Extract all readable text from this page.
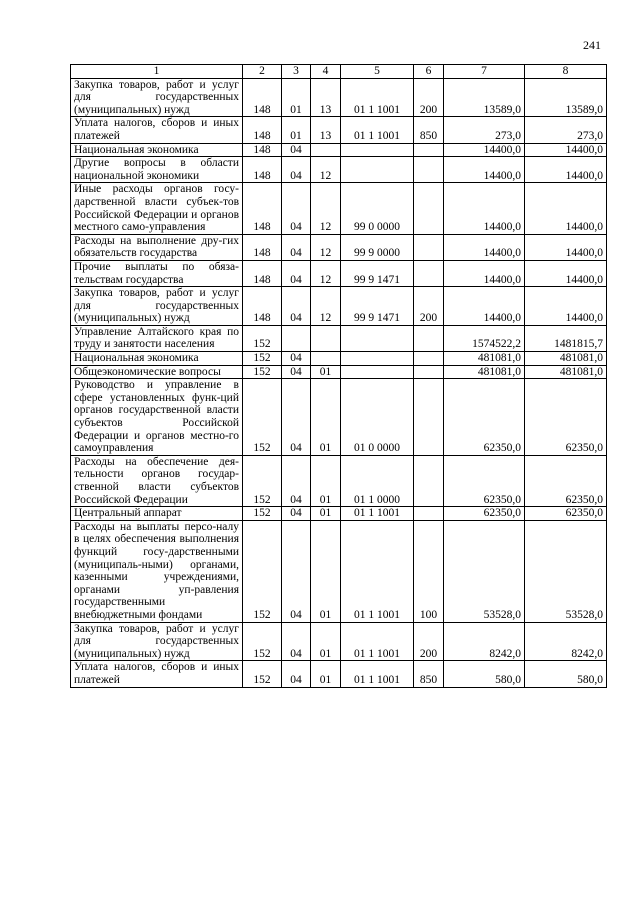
241
1	2	3	4	5	6	7	8
Закупка товаров, работ и услуг для государственных (муниципальных) нужд	148	01	13	01 1 1001	200	13589,0	13589,0
Уплата налогов, сборов и иных платежей	148	01	13	01 1 1001	850	273,0	273,0
Национальная экономика	148	04				14400,0	14400,0
Другие вопросы в области национальной экономики	148	04	12			14400,0	14400,0
Иные расходы органов госу-дарственной власти субъек-тов Российской Федерации и органов местного само-управления	148	04	12	99 0 0000		14400,0	14400,0
Расходы на выполнение дру-гих обязательств государства	148	04	12	99 9 0000		14400,0	14400,0
Прочие выплаты по обяза-тельствам государства	148	04	12	99 9 1471		14400,0	14400,0
Закупка товаров, работ и услуг для государственных (муниципальных) нужд	148	04	12	99 9 1471	200	14400,0	14400,0
Управление Алтайского края по труду и занятости населения	152					1574522,2	1481815,7
Национальная экономика	152	04				481081,0	481081,0
Общеэкономические вопросы	152	04	01			481081,0	481081,0
Руководство и управление в сфере установленных функ-ций органов государственной власти субъектов Российской Федерации и органов местно-го самоуправления	152	04	01	01 0 0000		62350,0	62350,0
Расходы на обеспечение дея-тельности органов государ-ственной власти субъектов Российской Федерации	152	04	01	01 1 0000		62350,0	62350,0
Центральный аппарат	152	04	01	01 1 1001		62350,0	62350,0
Расходы на выплаты персо-налу в целях обеспечения выполнения функций госу-дарственными (муниципаль-ными) органами, казенными учреждениями, органами уп-равления государственными внебюджетными фондами	152	04	01	01 1 1001	100	53528,0	53528,0
Закупка товаров, работ и услуг для государственных (муниципальных) нужд	152	04	01	01 1 1001	200	8242,0	8242,0
Уплата налогов, сборов и иных платежей	152	04	01	01 1 1001	850	580,0	580,0
